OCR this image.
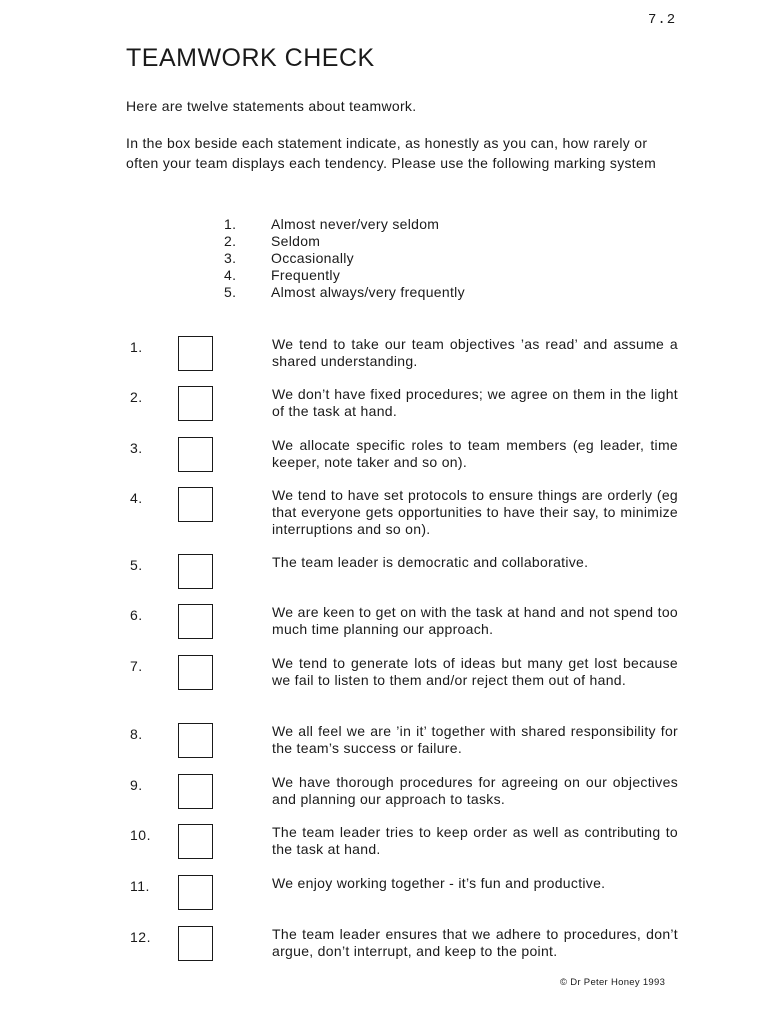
7.2
TEAMWORK CHECK
Here are twelve statements about teamwork.
In the box beside each statement indicate, as honestly as you can, how rarely or often your team displays each tendency. Please use the following marking system
1.	Almost never/very seldom
2.	Seldom
3.	Occasionally
4.	Frequently
5.	Almost always/very frequently
1.	We tend to take our team objectives ’as read’ and assume a shared understanding.
2.	We don’t have fixed procedures; we agree on them in the light of the task at hand.
3.	We allocate specific roles to team members (eg leader, time keeper, note taker and so on).
4.	We tend to have set protocols to ensure things are orderly (eg that everyone gets opportunities to have their say, to minimize interruptions and so on).
5.	The team leader is democratic and collaborative.
6.	We are keen to get on with the task at hand and not spend too much time planning our approach.
7.	We tend to generate lots of ideas but many get lost because we fail to listen to them and/or reject them out of hand.
8.	We all feel we are ’in it’ together with shared responsibility for the team’s success or failure.
9.	We have thorough procedures for agreeing on our objectives and planning our approach to tasks.
10.	The team leader tries to keep order as well as contributing to the task at hand.
11.	We enjoy working together - it’s fun and productive.
12.	The team leader ensures that we adhere to procedures, don’t argue, don’t interrupt, and keep to the point.
© Dr Peter Honey 1993
